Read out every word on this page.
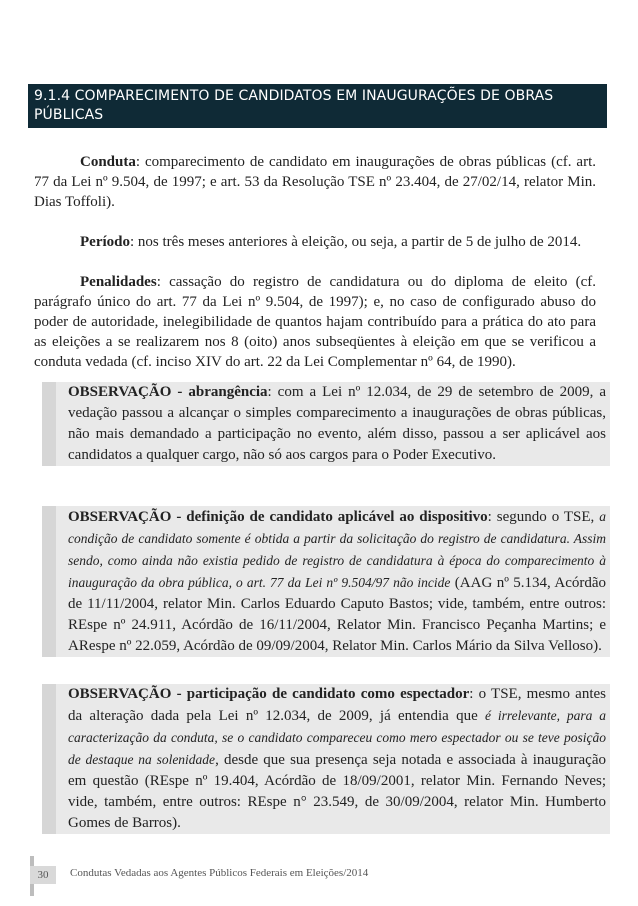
9.1.4 COMPARECIMENTO DE CANDIDATOS EM INAUGURAÇÕES DE OBRAS PÚBLICAS

Conduta: comparecimento de candidato em inaugurações de obras públicas (cf. art. 77 da Lei nº 9.504, de 1997; e art. 53 da Resolução TSE nº 23.404, de 27/02/14, relator Min. Dias Toffoli).

Período: nos três meses anteriores à eleição, ou seja, a partir de 5 de julho de 2014.

Penalidades: cassação do registro de candidatura ou do diploma de eleito (cf. parágrafo único do art. 77 da Lei nº 9.504, de 1997); e, no caso de configurado abuso do poder de autoridade, inelegibilidade de quantos hajam contribuído para a prática do ato para as eleições a se realizarem nos 8 (oito) anos subseqüentes à eleição em que se verificou a conduta vedada (cf. inciso XIV do art. 22 da Lei Complementar nº 64, de 1990).

OBSERVAÇÃO - abrangência: com a Lei nº 12.034, de 29 de setembro de 2009, a vedação passou a alcançar o simples comparecimento a inaugurações de obras públicas, não mais demandado a participação no evento, além disso, passou a ser aplicável aos candidatos a qualquer cargo, não só aos cargos para o Poder Executivo.
OBSERVAÇÃO - definição de candidato aplicável ao dispositivo: segundo o TSE, a condição de candidato somente é obtida a partir da solicitação do registro de candidatura. Assim sendo, como ainda não existia pedido de registro de candidatura à época do comparecimento à inauguração da obra pública, o art. 77 da Lei nº 9.504/97 não incide (AAG nº 5.134, Acórdão de 11/11/2004, relator Min. Carlos Eduardo Caputo Bastos; vide, também, entre outros: REspe nº 24.911, Acórdão de 16/11/2004, Relator Min. Francisco Peçanha Martins; e ARespe nº 22.059, Acórdão de 09/09/2004, Relator Min. Carlos Mário da Silva Velloso).
OBSERVAÇÃO - participação de candidato como espectador: o TSE, mesmo antes da alteração dada pela Lei nº 12.034, de 2009, já entendia que é irrelevante, para a caracterização da conduta, se o candidato compareceu como mero espectador ou se teve posição de destaque na solenidade, desde que sua presença seja notada e associada à inauguração em questão (REspe nº 19.404, Acórdão de 18/09/2001, relator Min. Fernando Neves; vide, também, entre outros: REspe n° 23.549, de 30/09/2004, relator Min. Humberto Gomes de Barros).
30	Condutas Vedadas aos Agentes Públicos Federais em Eleições/2014
